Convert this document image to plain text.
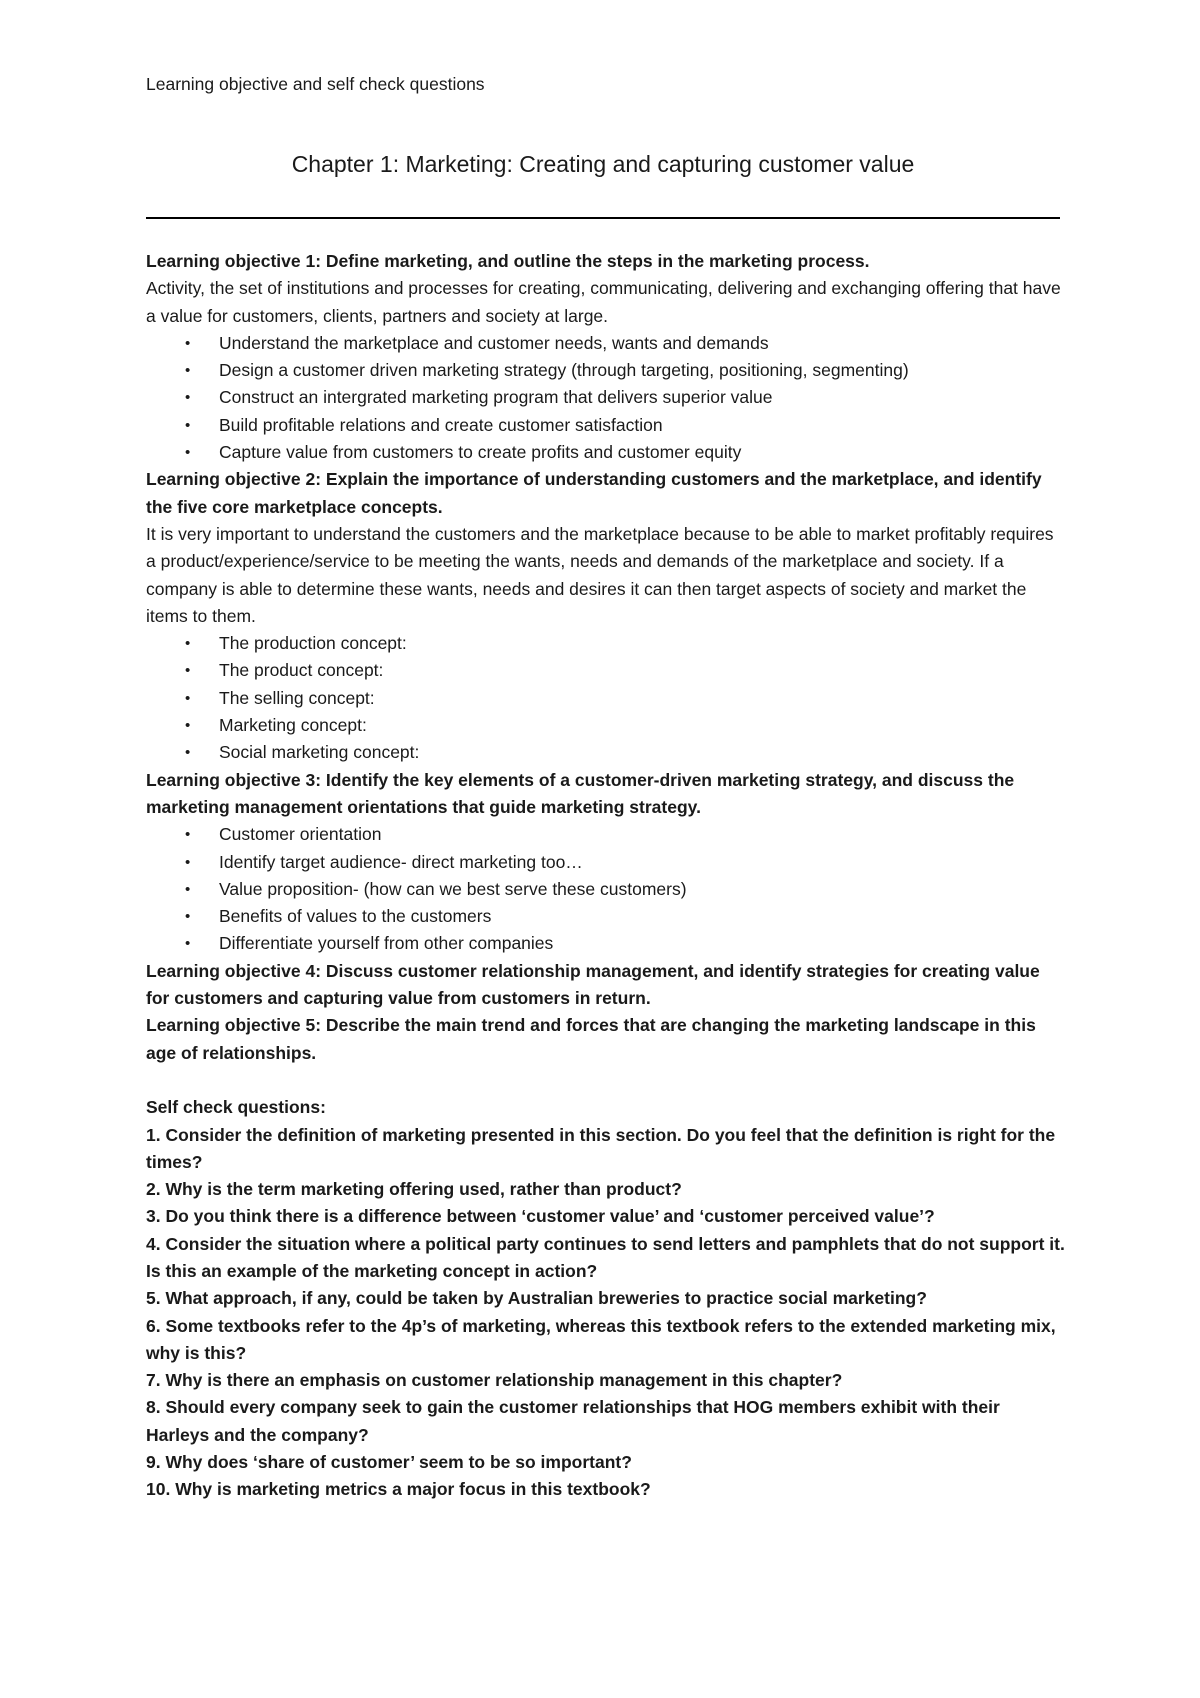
Learning objective and self check questions
Chapter 1: Marketing: Creating and capturing customer value

Learning objective 1: Define marketing, and outline the steps in the marketing process.

Activity, the set of institutions and processes for creating, communicating, delivering and exchanging offering that have a value for customers, clients, partners and society at large.

• Understand the marketplace and customer needs, wants and demands
• Design a customer driven marketing strategy (through targeting, positioning, segmenting)
• Construct an intergrated marketing program that delivers superior value
• Build profitable relations and create customer satisfaction
• Capture value from customers to create profits and customer equity

Learning objective 2: Explain the importance of understanding customers and the marketplace, and identify the five core marketplace concepts.

It is very important to understand the customers and the marketplace because to be able to market profitably requires a product/experience/service to be meeting the wants, needs and demands of the marketplace and society. If a company is able to determine these wants, needs and desires it can then target aspects of society and market the items to them.

• The production concept:
• The product concept:
• The selling concept:
• Marketing concept:
• Social marketing concept:

Learning objective 3: Identify the key elements of a customer-driven marketing strategy, and discuss the marketing management orientations that guide marketing strategy.

• Customer orientation
• Identify target audience- direct marketing too…
• Value proposition- (how can we best serve these customers)
• Benefits of values to the customers
• Differentiate yourself from other companies

Learning objective 4: Discuss customer relationship management, and identify strategies for creating value for customers and capturing value from customers in return.

Learning objective 5: Describe the main trend and forces that are changing the marketing landscape in this age of relationships.

Self check questions:

1. Consider the definition of marketing presented in this section. Do you feel that the definition is right for the times?

2. Why is the term marketing offering used, rather than product?

3. Do you think there is a difference between ‘customer value’ and ‘customer perceived value’?

4. Consider the situation where a political party continues to send letters and pamphlets that do not support it. Is this an example of the marketing concept in action?

5. What approach, if any, could be taken by Australian breweries to practice social marketing?

6. Some textbooks refer to the 4p’s of marketing, whereas this textbook refers to the extended marketing mix, why is this?

7. Why is there an emphasis on customer relationship management in this chapter?

8. Should every company seek to gain the customer relationships that HOG members exhibit with their Harleys and the company?

9. Why does ‘share of customer’ seem to be so important?

10. Why is marketing metrics a major focus in this textbook?
